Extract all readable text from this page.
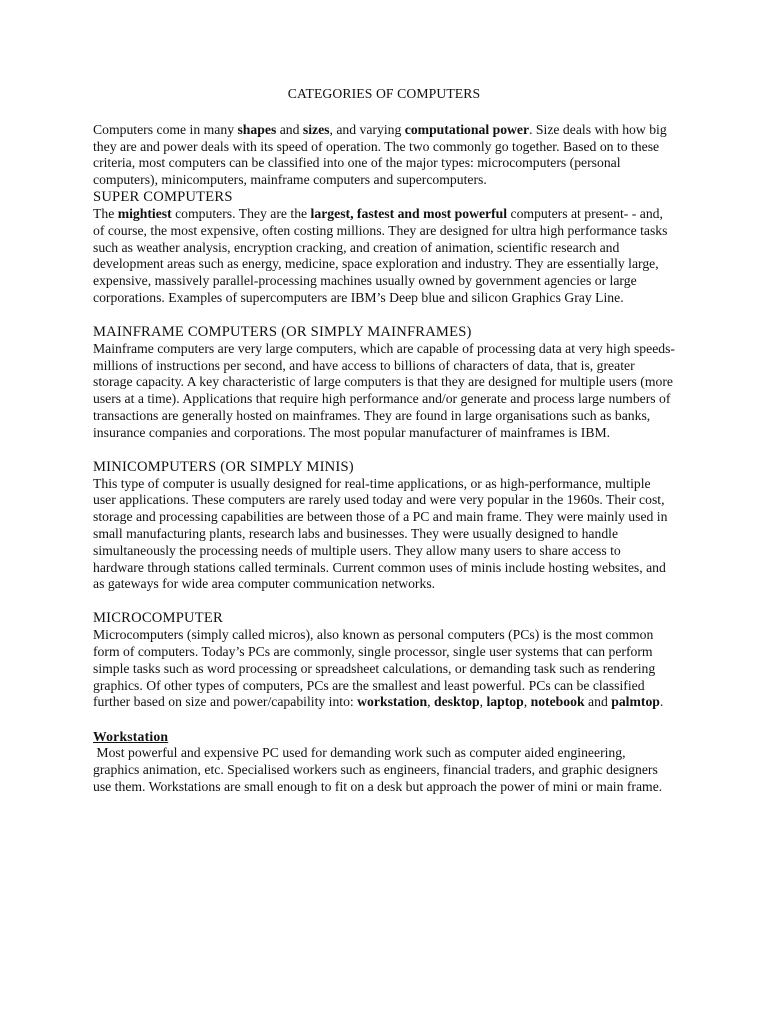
CATEGORIES OF COMPUTERS

Computers come in many shapes and sizes, and varying computational power. Size deals with how big they are and power deals with its speed of operation. The two commonly go together. Based on to these criteria, most computers can be classified into one of the major types: microcomputers (personal computers), minicomputers, mainframe computers and supercomputers.

SUPER COMPUTERS

The mightiest computers. They are the largest, fastest and most powerful computers at present- - and, of course, the most expensive, often costing millions. They are designed for ultra high performance tasks such as weather analysis, encryption cracking, and creation of animation, scientific research and development areas such as energy, medicine, space exploration and industry. They are essentially large, expensive, massively parallel-processing machines usually owned by government agencies or large corporations. Examples of supercomputers are IBM’s Deep blue and silicon Graphics Gray Line.

MAINFRAME COMPUTERS (OR SIMPLY MAINFRAMES)

Mainframe computers are very large computers, which are capable of processing data at very high speeds- millions of instructions per second, and have access to billions of characters of data, that is, greater storage capacity. A key characteristic of large computers is that they are designed for multiple users (more users at a time). Applications that require high performance and/or generate and process large numbers of transactions are generally hosted on mainframes. They are found in large organisations such as banks, insurance companies and corporations. The most popular manufacturer of mainframes is IBM.

MINICOMPUTERS (OR SIMPLY MINIS)

This type of computer is usually designed for real-time applications, or as high-performance, multiple user applications. These computers are rarely used today and were very popular in the 1960s. Their cost, storage and processing capabilities are between those of a PC and main frame. They were mainly used in small manufacturing plants, research labs and businesses. They were usually designed to handle simultaneously the processing needs of multiple users. They allow many users to share access to hardware through stations called terminals. Current common uses of minis include hosting websites, and as gateways for wide area computer communication networks.

MICROCOMPUTER

Microcomputers (simply called micros), also known as personal computers (PCs) is the most common form of computers. Today’s PCs are commonly, single processor, single user systems that can perform simple tasks such as word processing or spreadsheet calculations, or demanding task such as rendering graphics. Of other types of computers, PCs are the smallest and least powerful. PCs can be classified further based on size and power/capability into: workstation, desktop, laptop, notebook and palmtop.

Workstation

Most powerful and expensive PC used for demanding work such as computer aided engineering, graphics animation, etc. Specialised workers such as engineers, financial traders, and graphic designers use them. Workstations are small enough to fit on a desk but approach the power of mini or main frame.
